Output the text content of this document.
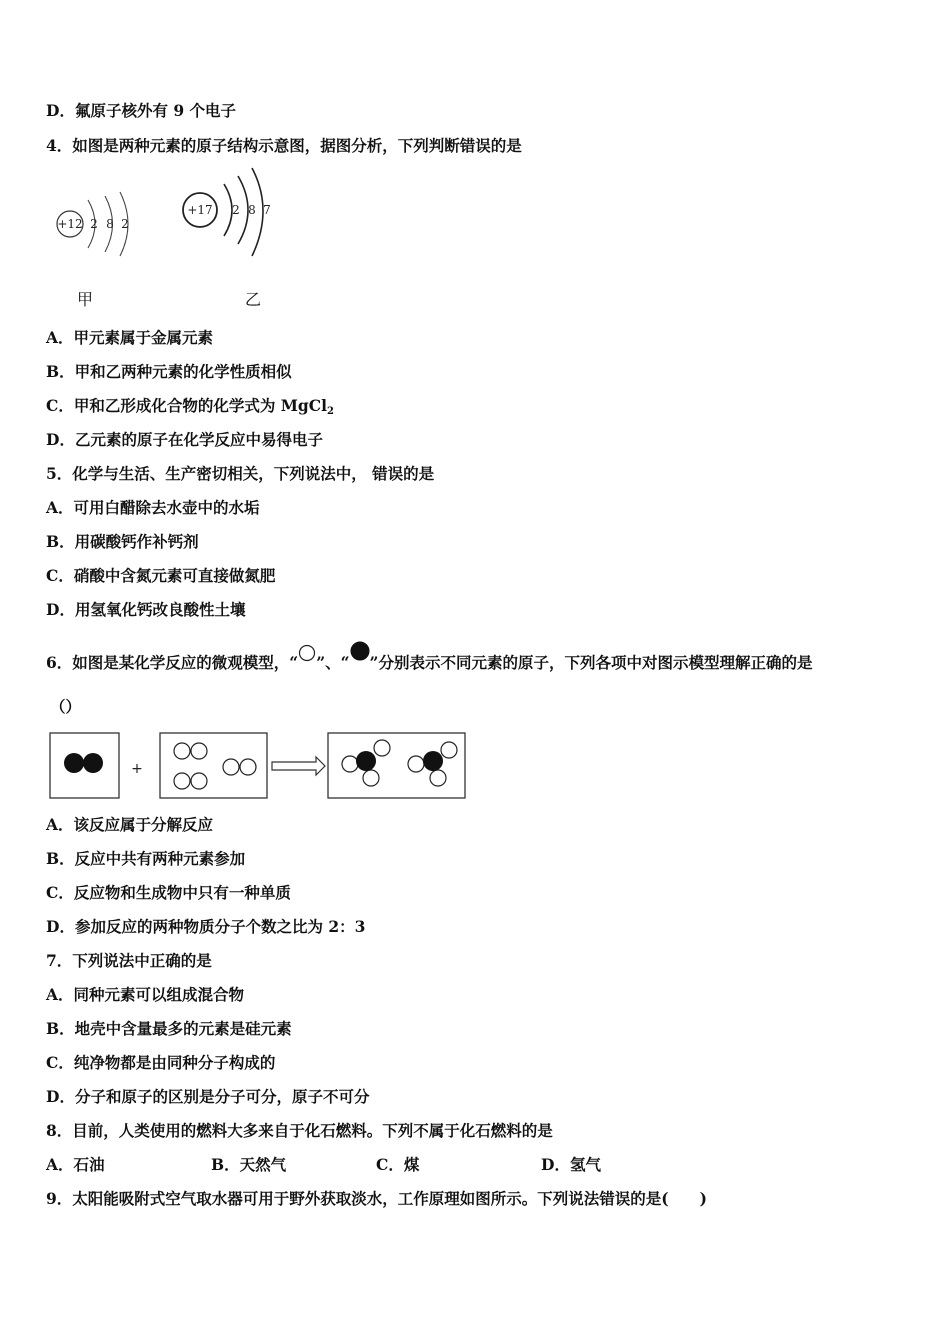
D．氟原子核外有 9 个电子
4．如图是两种元素的原子结构示意图，据图分析，下列判断错误的是
+12 2 8 2
+17 2 8 7
甲	乙
A．甲元素属于金属元素
B．甲和乙两种元素的化学性质相似
C．甲和乙形成化合物的化学式为 MgCl$_2$
D．乙元素的原子在化学反应中易得电子
5．化学与生活、生产密切相关，下列说法中， 错误的是
A．可用白醋除去水壶中的水垢
B．用碳酸钙作补钙剂
C．硝酸中含氮元素可直接做氮肥
D．用氢氧化钙改良酸性土壤
6．如图是某化学反应的微观模型，“ ”、“ ”分别表示不同元素的原子，下列各项中对图示模型理解正确的是
（）
+
A．该反应属于分解反应
B．反应中共有两种元素参加
C．反应物和生成物中只有一种单质
D．参加反应的两种物质分子个数之比为 2：3
7．下列说法中正确的是
A．同种元素可以组成混合物
B．地壳中含量最多的元素是硅元素
C．纯净物都是由同种分子构成的
D．分子和原子的区别是分子可分，原子不可分
8．目前，人类使用的燃料大多来自于化石燃料。下列不属于化石燃料的是
A．石油	B．天然气	C．煤	D．氢气
9．太阳能吸附式空气取水器可用于野外获取淡水，工作原理如图所示。下列说法错误的是(　　)
